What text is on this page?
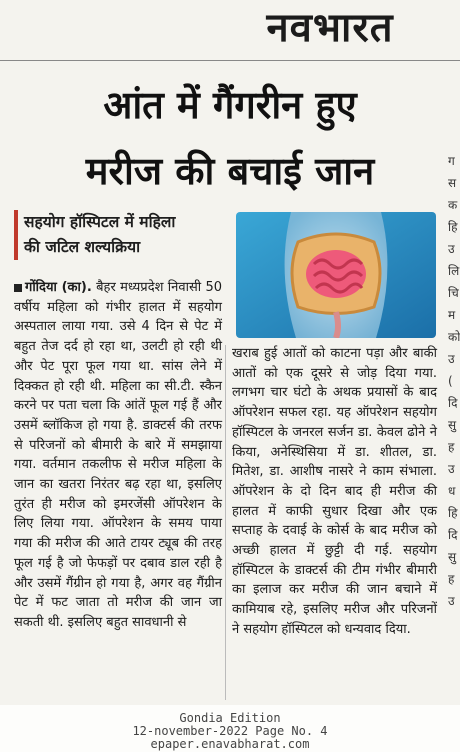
नवभारत
आंत में गैंगरीन हुए
मरीज की बचाई जान
सहयोग हॉस्पिटल में महिला
की जटिल शल्यक्रिया

गोंदिया (का). बैहर मध्यप्रदेश निवासी 50 वर्षीय महिला को गंभीर हालत में सहयोग अस्पताल लाया गया. उसे 4 दिन से पेट में बहुत तेज दर्द हो रहा था, उलटी हो रही थी और पेट पूरा फूल गया था. सांस लेने में दिक्कत हो रही थी. महिला का सी.टी. स्कैन करने पर पता चला कि आंतें फूल गई हैं और उसमें ब्लॉकिज हो गया है. डाक्टर्स की तरफ से परिजनों को बीमारी के बारे में समझाया गया. वर्तमान तकलीफ से मरीज महिला के जान का खतरा निरंतर बढ़ रहा था, इसलिए तुरंत ही मरीज को इमरजेंसी ऑपरेशन के लिए लिया गया. ऑपरेशन के समय पाया गया की मरीज की आते टायर ट्यूब की तरह फूल गई है जो फेफड़ों पर दबाव डाल रही है और उसमें गैंग्रीन हो गया है, अगर वह गैंग्रीन पेट में फट जाता तो मरीज की जान जा सकती थी. इसलिए बहुत सावधानी से

खराब हुई आतों को काटना पड़ा और बाकी आतों को एक दूसरे से जोड़ दिया गया. लगभग चार घंटो के अथक प्रयासों के बाद ऑपरेशन सफल रहा. यह ऑपरेशन सहयोग हॉस्पिटल के जनरल सर्जन डा. केवल ढोने ने किया, अनेस्थिसिया में डा. शीतल, डा. मितेश, डा. आशीष नासरे ने काम संभाला. ऑपरेशन के दो दिन बाद ही मरीज की हालत में काफी सुधार दिखा और एक सप्ताह के दवाई के कोर्स के बाद मरीज को अच्छी हालत में छुट्टी दी गई. सहयोग हॉस्पिटल के डाक्टर्स की टीम गंभीर बीमारी का इलाज कर मरीज की जान बचाने में कामियाब रहे, इसलिए मरीज और परिजनों ने सहयोग हॉस्पिटल को धन्यवाद दिया.

ग
स
क
हि
उ
लि
चि
म
को
उ
(
दि
सु
ह
उ
ध
हि
दि
सु
ह
उ
Gondia Edition
12-november-2022 Page No. 4
epaper.enavabharat.com
